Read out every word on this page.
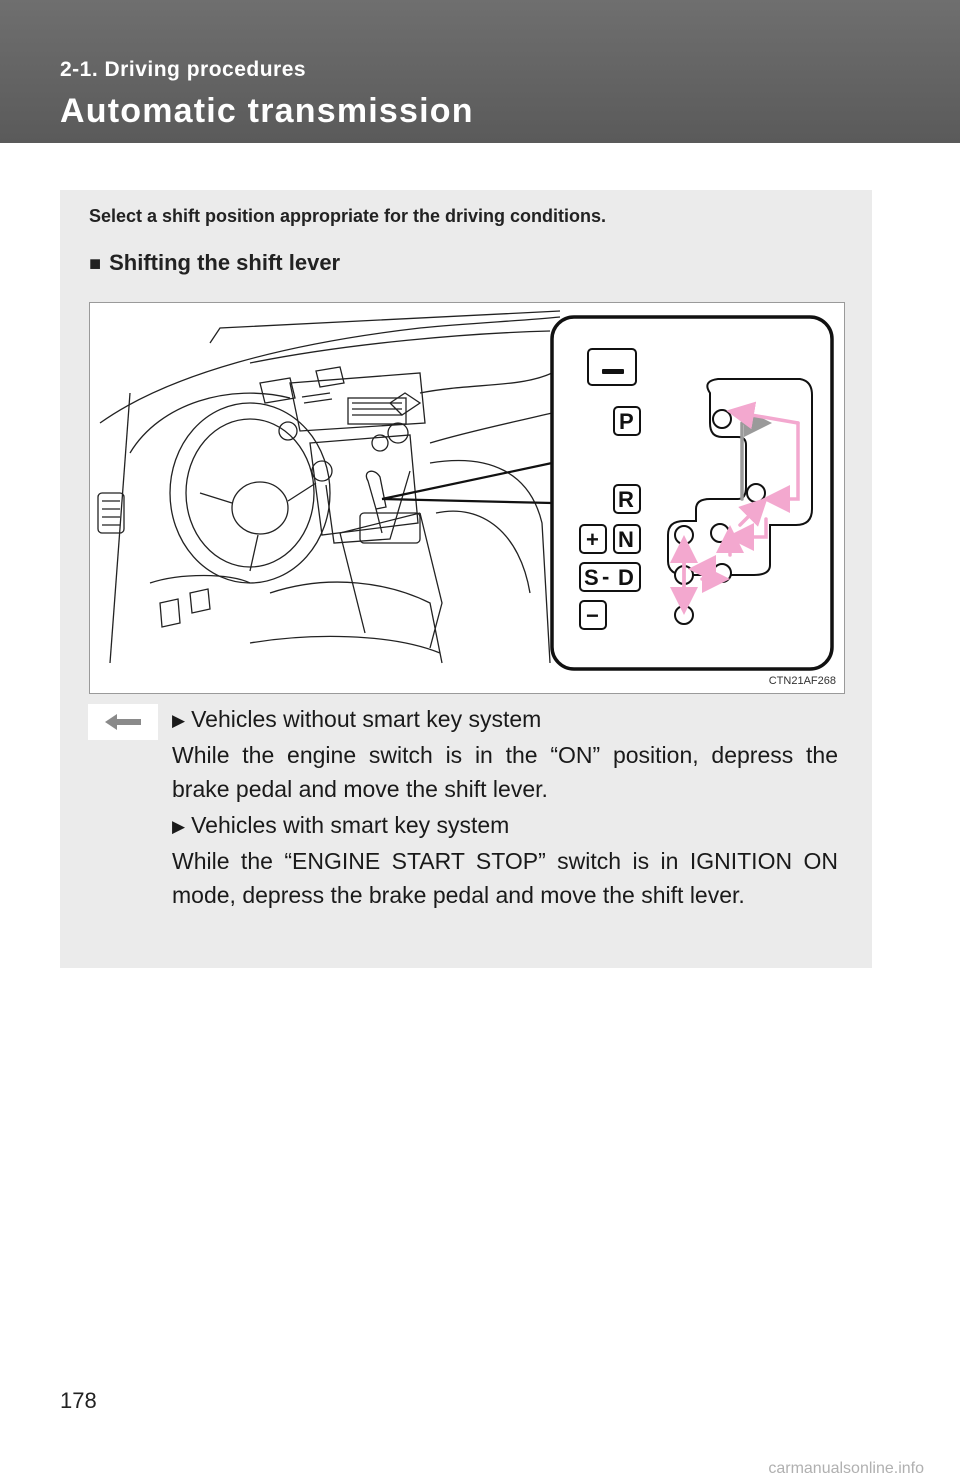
2-1. Driving procedures
Automatic transmission
Select a shift position appropriate for the driving conditions.
■ Shifting the shift lever
P
R
N
+
S - D
−
CTN21AF268

▶ Vehicles without smart key system

While the engine switch is in the “ON” position, depress the brake pedal and move the shift lever.

▶ Vehicles with smart key system

While the “ENGINE START STOP” switch is in IGNITION ON mode, depress the brake pedal and move the shift lever.

178
carmanualsonline.info
